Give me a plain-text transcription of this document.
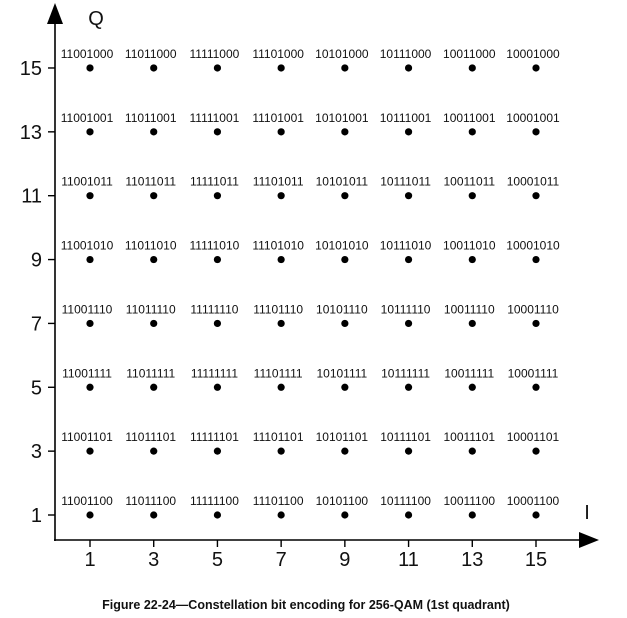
Q
I
15
13
11
9
7
5
3
1
1	3	5	7	9 11 13 15
11001000 11011000 11111000 11101000 10101000 10111000 10011000 10001000
11001001 11011001 11111001 11101001 10101001 10111001 10011001 10001001
11001011 11011011 11111011 11101011 10101011 10111011 10011011 10001011
11001010 11011010 11111010 11101010 10101010 10111010 10011010 10001010
11001110 11011110 11111110 11101110 10101110 10111110 10011110 10001110
11001111 11011111 11111111 11101111 10101111 10111111 10011111 10001111
11001101 11011101 11111101 11101101 10101101 10111101 10011101 10001101
11001100 11011100 11111100 11101100 10101100 10111100 10011100 10001100
Figure 22-24—Constellation bit encoding for 256-QAM (1st quadrant)
